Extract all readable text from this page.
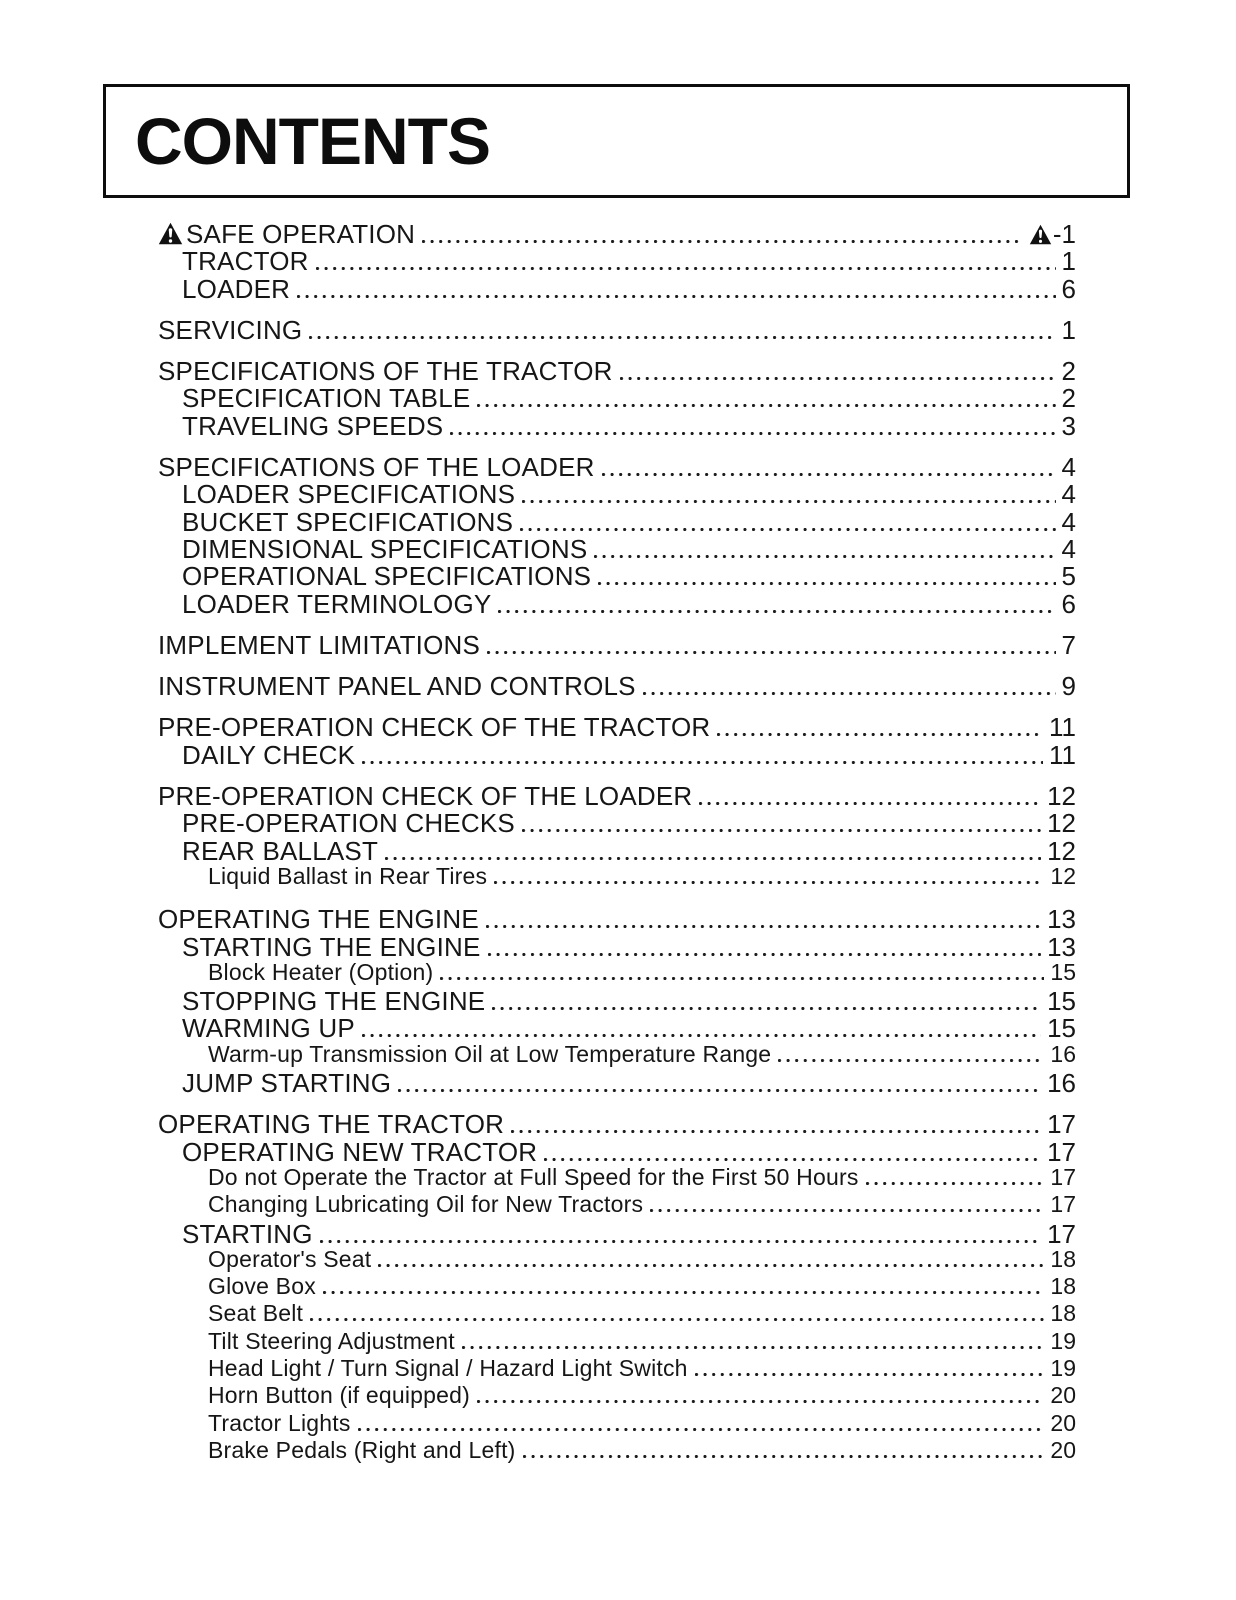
CONTENTS
SAFE OPERATION	-1
TRACTOR	1
LOADER	6
SERVICING	1
SPECIFICATIONS OF THE TRACTOR	2
SPECIFICATION TABLE	2
TRAVELING SPEEDS	3
SPECIFICATIONS OF THE LOADER	4
LOADER SPECIFICATIONS	4
BUCKET SPECIFICATIONS	4
DIMENSIONAL SPECIFICATIONS	4
OPERATIONAL SPECIFICATIONS	5
LOADER TERMINOLOGY	6
IMPLEMENT LIMITATIONS	7
INSTRUMENT PANEL AND CONTROLS	9
PRE-OPERATION CHECK OF THE TRACTOR	11
DAILY CHECK	11
PRE-OPERATION CHECK OF THE LOADER	12
PRE-OPERATION CHECKS	12
REAR BALLAST	12
Liquid Ballast in Rear Tires	12
OPERATING THE ENGINE	13
STARTING THE ENGINE	13
Block Heater (Option)	15
STOPPING THE ENGINE	15
WARMING UP	15
Warm-up Transmission Oil at Low Temperature Range	16
JUMP STARTING	16
OPERATING THE TRACTOR	17
OPERATING NEW TRACTOR	17
Do not Operate the Tractor at Full Speed for the First 50 Hours	17
Changing Lubricating Oil for New Tractors	17
STARTING	17
Operator's Seat	18
Glove Box	18
Seat Belt	18
Tilt Steering Adjustment	19
Head Light / Turn Signal / Hazard Light Switch	19
Horn Button (if equipped)	20
Tractor Lights	20
Brake Pedals (Right and Left)	20
